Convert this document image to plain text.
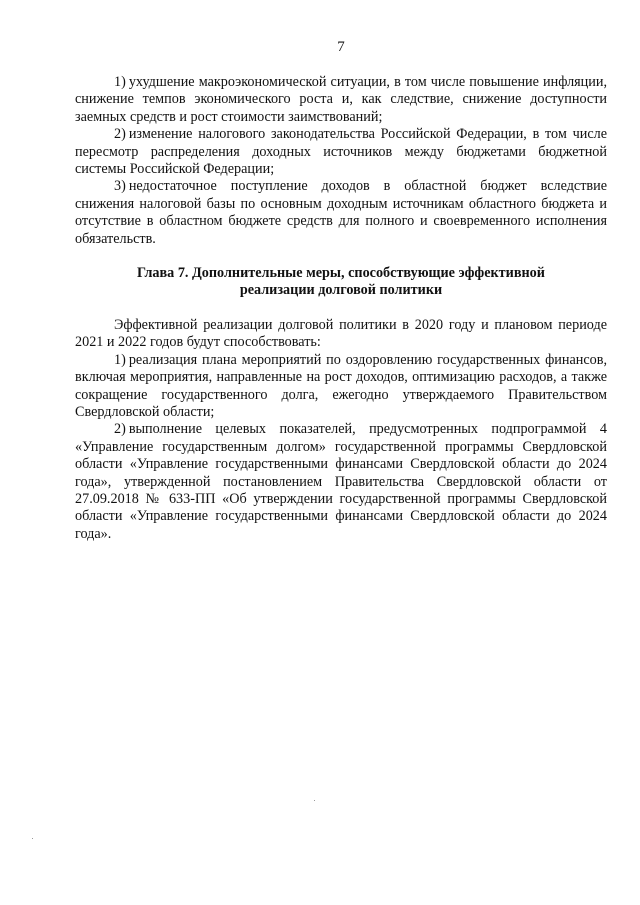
7

1) ухудшение макроэкономической ситуации, в том числе повышение инфляции, снижение темпов экономического роста и, как следствие, снижение доступности заемных средств и рост стоимости заимствований;

2) изменение налогового законодательства Российской Федерации, в том числе пересмотр распределения доходных источников между бюджетами бюджетной системы Российской Федерации;

3) недостаточное поступление доходов в областной бюджет вследствие снижения налоговой базы по основным доходным источникам областного бюджета и отсутствие в областном бюджете средств для полного и своевременного исполнения обязательств.

Глава 7. Дополнительные меры, способствующие эффективной
реализации долговой политики

Эффективной реализации долговой политики в 2020 году и плановом периоде 2021 и 2022 годов будут способствовать:

1) реализация плана мероприятий по оздоровлению государственных финансов, включая мероприятия, направленные на рост доходов, оптимизацию расходов, а также сокращение государственного долга, ежегодно утверждаемого Правительством Свердловской области;

2) выполнение целевых показателей, предусмотренных подпрограммой 4 «Управление государственным долгом» государственной программы Свердловской области «Управление государственными финансами Свердловской области до 2024 года», утвержденной постановлением Правительства Свердловской области от 27.09.2018 № 633-ПП «Об утверждении государственной программы Свердловской области «Управление государственными финансами Свердловской области до 2024 года».
